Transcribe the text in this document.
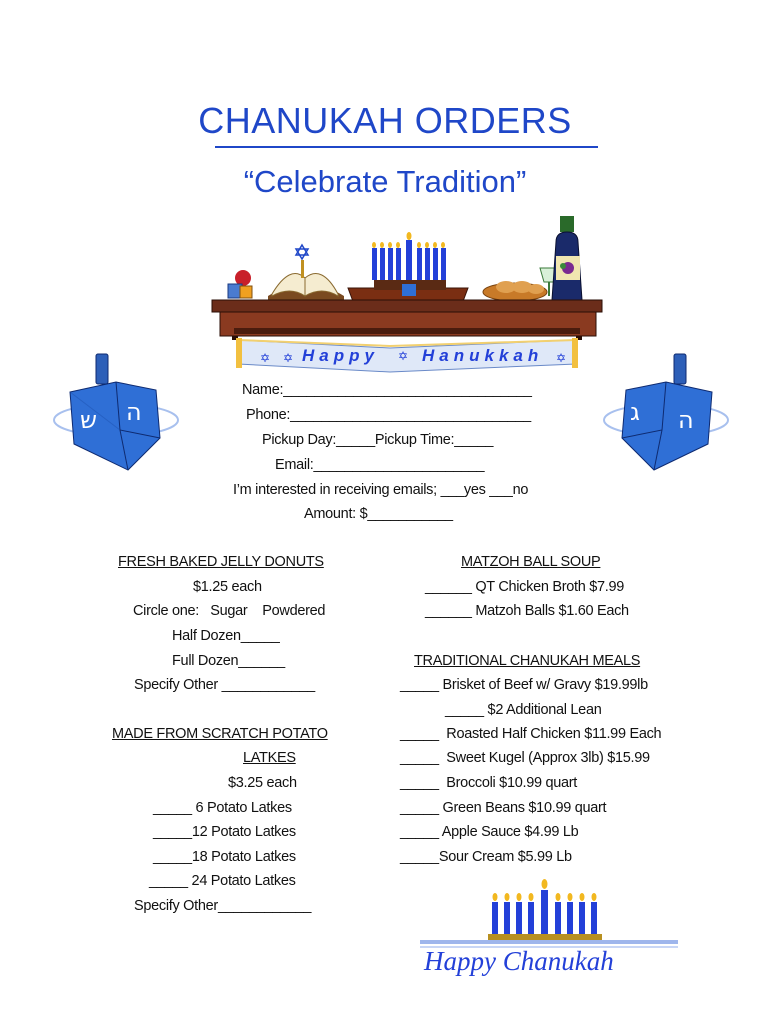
CHANUKAH ORDERS
“Celebrate Tradition”
✡ ✡	✡	✡
Happy	Hanukkah
ה
ש	ג ה
Name:________________________________
Phone:_______________________________
Pickup Day:_____Pickup Time:_____
Email:______________________
I’m interested in receiving emails; ___yes ___no
Amount: $___________
FRESH BAKED JELLY DONUTS
$1.25 each
Circle one:   Sugar    Powdered
Half Dozen_____
Full Dozen______
Specify Other ____________
MADE FROM SCRATCH POTATO
LATKES
$3.25 each
_____ 6 Potato Latkes
_____12 Potato Latkes
_____18 Potato Latkes
_____ 24 Potato Latkes
Specify Other____________
MATZOH BALL SOUP
______ QT Chicken Broth $7.99
______ Matzoh Balls $1.60 Each
TRADITIONAL CHANUKAH MEALS
_____ Brisket of Beef w/ Gravy $19.99lb
_____ $2 Additional Lean
_____  Roasted Half Chicken $11.99 Each
_____  Sweet Kugel (Approx 3lb) $15.99
_____  Broccoli $10.99 quart
_____ Green Beans $10.99 quart
_____ Apple Sauce $4.99 Lb
_____Sour Cream $5.99 Lb
Happy Chanukah
